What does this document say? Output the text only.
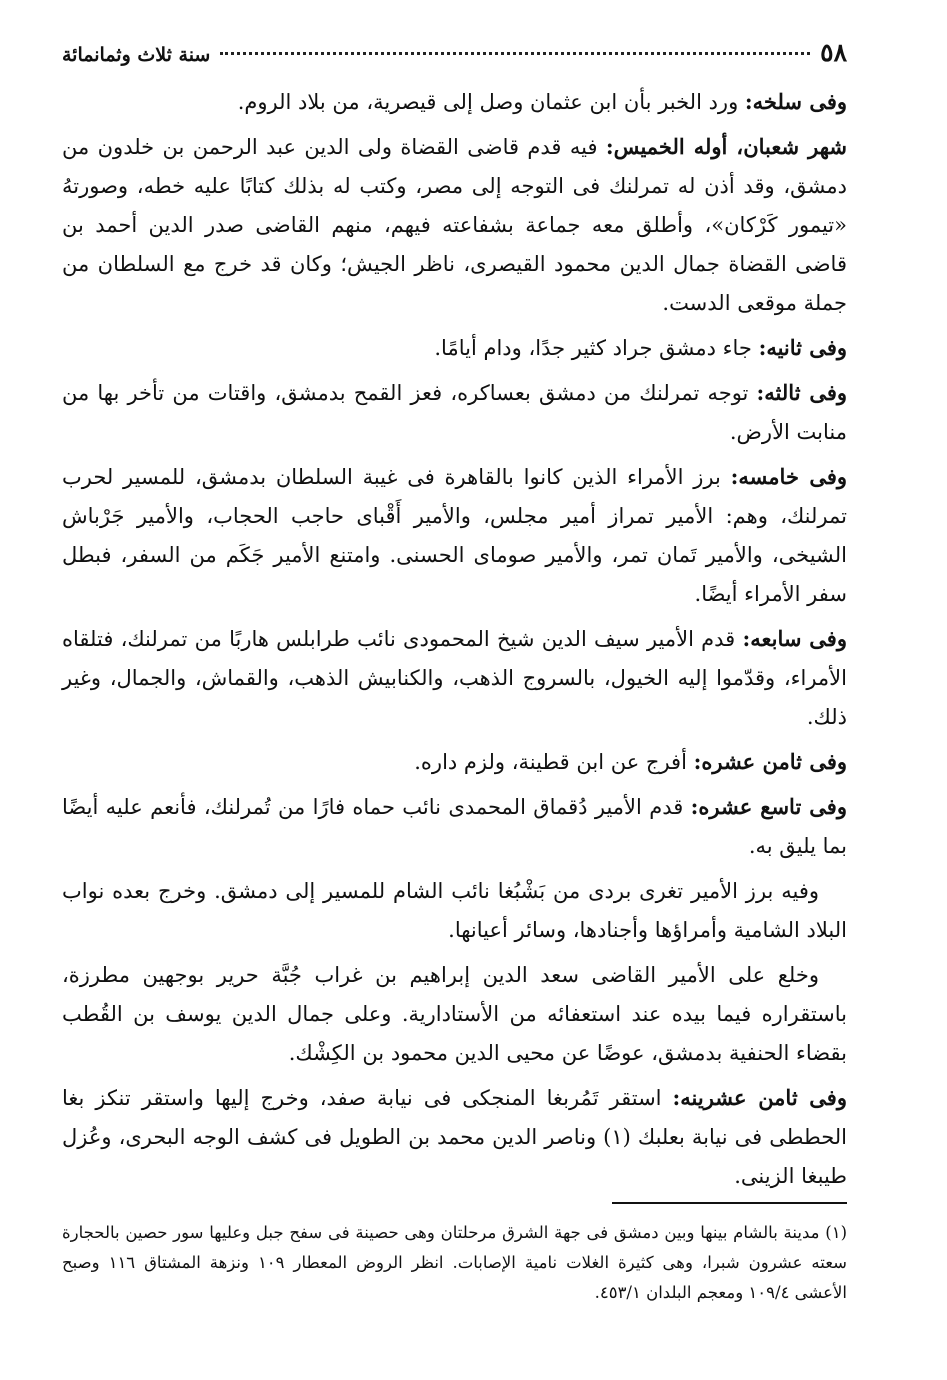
٥٨
سنة ثلاث وثمانمائة

وفى سلخه: ورد الخبر بأن ابن عثمان وصل إلى قيصرية، من بلاد الروم.

شهر شعبان، أوله الخميس: فيه قدم قاضى القضاة ولى الدين عبد الرحمن بن خلدون من دمشق، وقد أذن له تمرلنك فى التوجه إلى مصر، وكتب له بذلك كتابًا عليه خطه، وصورتهُ «تيمور كَرْكان»، وأطلق معه جماعة بشفاعته فيهم، منهم القاضى صدر الدين أحمد بن قاضى القضاة جمال الدين محمود القيصرى، ناظر الجيش؛ وكان قد خرج مع السلطان من جملة موقعى الدست.

وفى ثانيه: جاء دمشق جراد كثير جدًا، ودام أيامًا.

وفى ثالثه: توجه تمرلنك من دمشق بعساكره، فعز القمح بدمشق، واقتات من تأخر بها من منابت الأرض.

وفى خامسه: برز الأمراء الذين كانوا بالقاهرة فى غيبة السلطان بدمشق، للمسير لحرب تمرلنك، وهم: الأمير تمراز أمير مجلس، والأمير أَقْباى حاجب الحجاب، والأمير جَرْباش الشيخى، والأمير تَمان تمر، والأمير صوماى الحسنى. وامتنع الأمير جَكَم من السفر، فبطل سفر الأمراء أيضًا.

وفى سابعه: قدم الأمير سيف الدين شيخ المحمودى نائب طرابلس هاربًا من تمرلنك، فتلقاه الأمراء، وقدّموا إليه الخيول، بالسروج الذهب، والكنابيش الذهب، والقماش، والجمال، وغير ذلك.

وفى ثامن عشره: أفرج عن ابن قطينة، ولزم داره.

وفى تاسع عشره: قدم الأمير دُقماق المحمدى نائب حماه فارًا من تُمرلنك، فأنعم عليه أيضًا بما يليق به.

وفيه برز الأمير تغرى بردى من بَشْبُغا نائب الشام للمسير إلى دمشق. وخرج بعده نواب البلاد الشامية وأمراؤها وأجنادها، وسائر أعيانها.

وخلع على الأمير القاضى سعد الدين إبراهيم بن غراب جُبَّة حرير بوجهين مطرزة، باستقراره فيما بيده عند استعفائه من الأستادارية. وعلى جمال الدين يوسف بن القُطب بقضاء الحنفية بدمشق، عوضًا عن محيى الدين محمود بن الكِشْك.

وفى ثامن عشرينه: استقر تَمُربغا المنجكى فى نيابة صفد، وخرج إليها واستقر تنكز بغا الحططى فى نيابة بعلبك (١) وناصر الدين محمد بن الطويل فى كشف الوجه البحرى، وعُزل طيبغا الزينى.

(١) مدينة بالشام بينها وبين دمشق فى جهة الشرق مرحلتان وهى حصينة فى سفح جبل وعليها سور حصين بالحجارة سعته عشرون شبرا، وهى كثيرة الغلات نامية الإصابات. انظر الروض المعطار ١٠٩ ونزهة المشتاق ١١٦ وصبح الأعشى ١٠٩/٤ ومعجم البلدان ٤٥٣/١.
